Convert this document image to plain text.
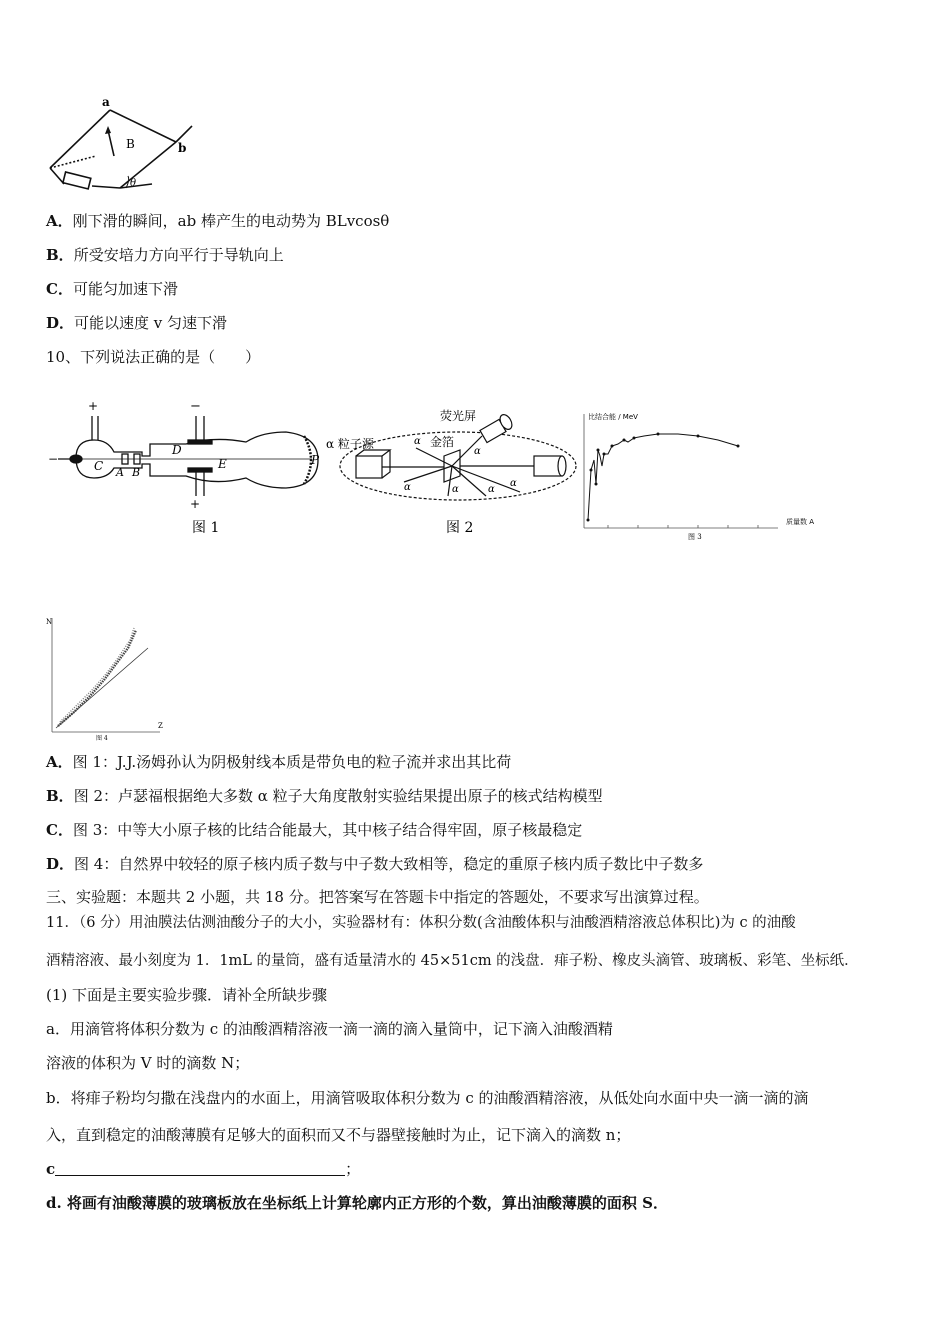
a
b
B
θ
A．刚下滑的瞬间，ab 棒产生的电动势为 BLvcosθ
B．所受安培力方向平行于导轨向上
C．可能匀加速下滑
D．可能以速度 v 匀速下滑
10、下列说法正确的是（　　）
+
−	C A B
D
E	P
−
+
图 1
α 粒子源	金箔
荧光屏
α
α	α	α
α
α
图 2
比结合能 / MeV
质量数 A
图 3
N
Z
图 4
A．图 1：J.J.汤姆孙认为阴极射线本质是带负电的粒子流并求出其比荷
B．图 2：卢瑟福根据绝大多数 α 粒子大角度散射实验结果提出原子的核式结构模型
C．图 3：中等大小原子核的比结合能最大，其中核子结合得牢固，原子核最稳定
D．图 4：自然界中较轻的原子核内质子数与中子数大致相等，稳定的重原子核内质子数比中子数多
三、实验题：本题共 2 小题，共 18 分。把答案写在答题卡中指定的答题处，不要求写出演算过程。
11．（6 分）用油膜法估测油酸分子的大小，实验器材有：体积分数(含油酸体积与油酸酒精溶液总体积比)为 c 的油酸
酒精溶液、最小刻度为 1．1mL 的量筒，盛有适量清水的 45×51cm 的浅盘．痱子粉、橡皮头滴管、玻璃板、彩笔、坐标纸．
(1) 下面是主要实验步骤．请补全所缺步骤
a．用滴管将体积分数为 c 的油酸酒精溶液一滴一滴的滴入量筒中，记下滴入油酸酒精
溶液的体积为 V 时的滴数 N；
b．将痱子粉均匀撒在浅盘内的水面上，用滴管吸取体积分数为 c 的油酸酒精溶液，从低处向水面中央一滴一滴的滴
入，直到稳定的油酸薄膜有足够大的面积而又不与器壁接触时为止，记下滴入的滴数 n；
c	；
d. 将画有油酸薄膜的玻璃板放在坐标纸上计算轮廓内正方形的个数，算出油酸薄膜的面积 S．
